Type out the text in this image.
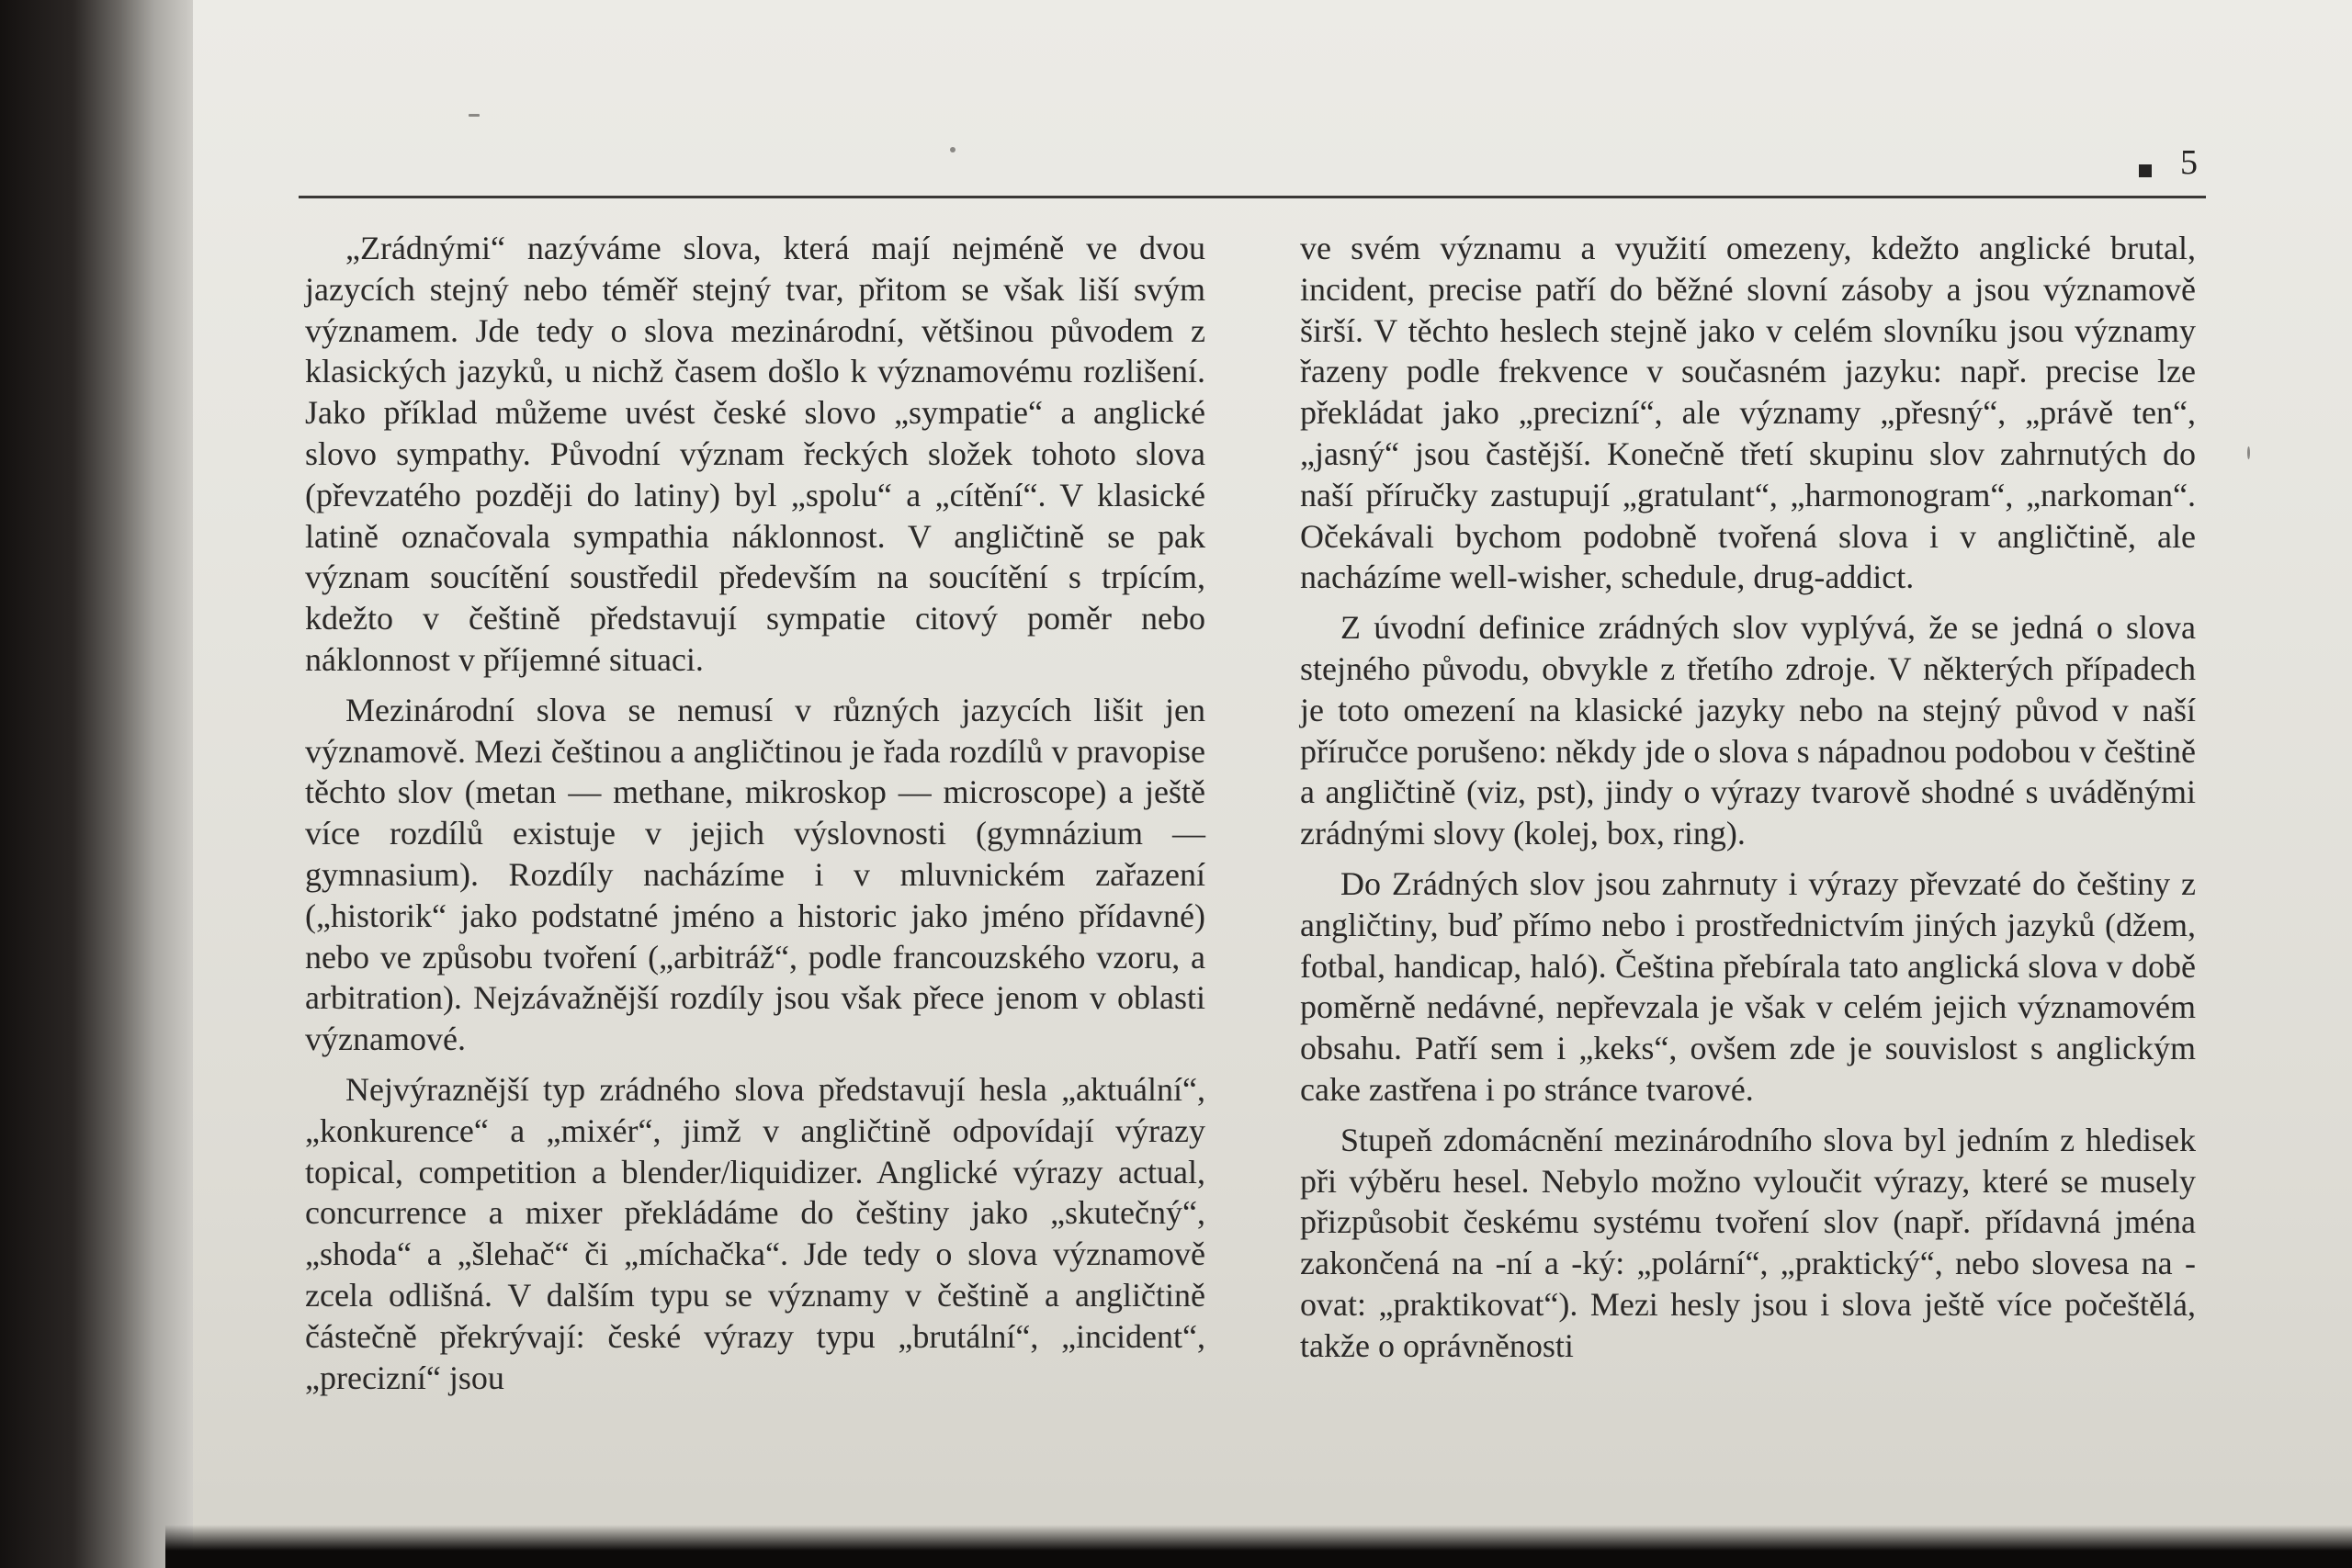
5

„Zrádnými“ nazýváme slova, která mají nejméně ve dvou jazycích stejný nebo téměř stejný tvar, přitom se však liší svým významem. Jde tedy o slova mezinárodní, většinou původem z klasických jazyků, u nichž časem došlo k významovému rozlišení. Jako příklad můžeme uvést české slovo „sympatie“ a anglické slovo sympathy. Původní význam řeckých složek tohoto slova (převzatého později do latiny) byl „spolu“ a „cítění“. V klasické latině označovala sympathia náklonnost. V angličtině se pak význam soucítění soustředil především na soucítění s trpícím, kdežto v češtině představují sympatie citový poměr nebo náklonnost v příjemné situaci.

Mezinárodní slova se nemusí v různých jazycích lišit jen významově. Mezi češtinou a angličtinou je řada rozdílů v pravopise těchto slov (metan — methane, mikroskop — microscope) a ještě více rozdílů existuje v jejich výslovnosti (gymnázium — gymnasium). Rozdíly nacházíme i v mluvnickém zařazení („historik“ jako podstatné jméno a historic jako jméno přídavné) nebo ve způsobu tvoření („arbitráž“, podle francouzského vzoru, a arbitration). Nejzávažnější rozdíly jsou však přece jenom v oblasti významové.

Nejvýraznější typ zrádného slova představují hesla „aktuální“, „konkurence“ a „mixér“, jimž v angličtině odpovídají výrazy topical, competition a blender/liquidizer. Anglické výrazy actual, concurrence a mixer překládáme do češtiny jako „skutečný“, „shoda“ a „šlehač“ či „míchačka“. Jde tedy o slova významově zcela odlišná. V dalším typu se významy v češtině a angličtině částečně překrývají: české výrazy typu „brutální“, „incident“, „precizní“ jsou

ve svém významu a využití omezeny, kdežto anglické brutal, incident, precise patří do běžné slovní zásoby a jsou významově širší. V těchto heslech stejně jako v celém slovníku jsou významy řazeny podle frekvence v současném jazyku: např. precise lze překládat jako „precizní“, ale významy „přesný“, „právě ten“, „jasný“ jsou častější. Konečně třetí skupinu slov zahrnutých do naší příručky zastupují „gratulant“, „harmonogram“, „narkoman“. Očekávali bychom podobně tvořená slova i v angličtině, ale nacházíme well-wisher, schedule, drug-addict.

Z úvodní definice zrádných slov vyplývá, že se jedná o slova stejného původu, obvykle z třetího zdroje. V některých případech je toto omezení na klasické jazyky nebo na stejný původ v naší příručce porušeno: někdy jde o slova s nápadnou podobou v češtině a angličtině (viz, pst), jindy o výrazy tvarově shodné s uváděnými zrádnými slovy (kolej, box, ring).

Do Zrádných slov jsou zahrnuty i výrazy převzaté do češtiny z angličtiny, buď přímo nebo i prostřednictvím jiných jazyků (džem, fotbal, handicap, haló). Čeština přebírala tato anglická slova v době poměrně nedávné, nepřevzala je však v celém jejich významovém obsahu. Patří sem i „keks“, ovšem zde je souvislost s anglickým cake zastřena i po stránce tvarové.

Stupeň zdomácnění mezinárodního slova byl jedním z hledisek při výběru hesel. Nebylo možno vyloučit výrazy, které se musely přizpůsobit českému systému tvoření slov (např. přídavná jména zakončená na -ní a -ký: „polární“, „praktický“, nebo slovesa na -ovat: „praktikovat“). Mezi hesly jsou i slova ještě více počeštělá, takže o oprávněnosti
